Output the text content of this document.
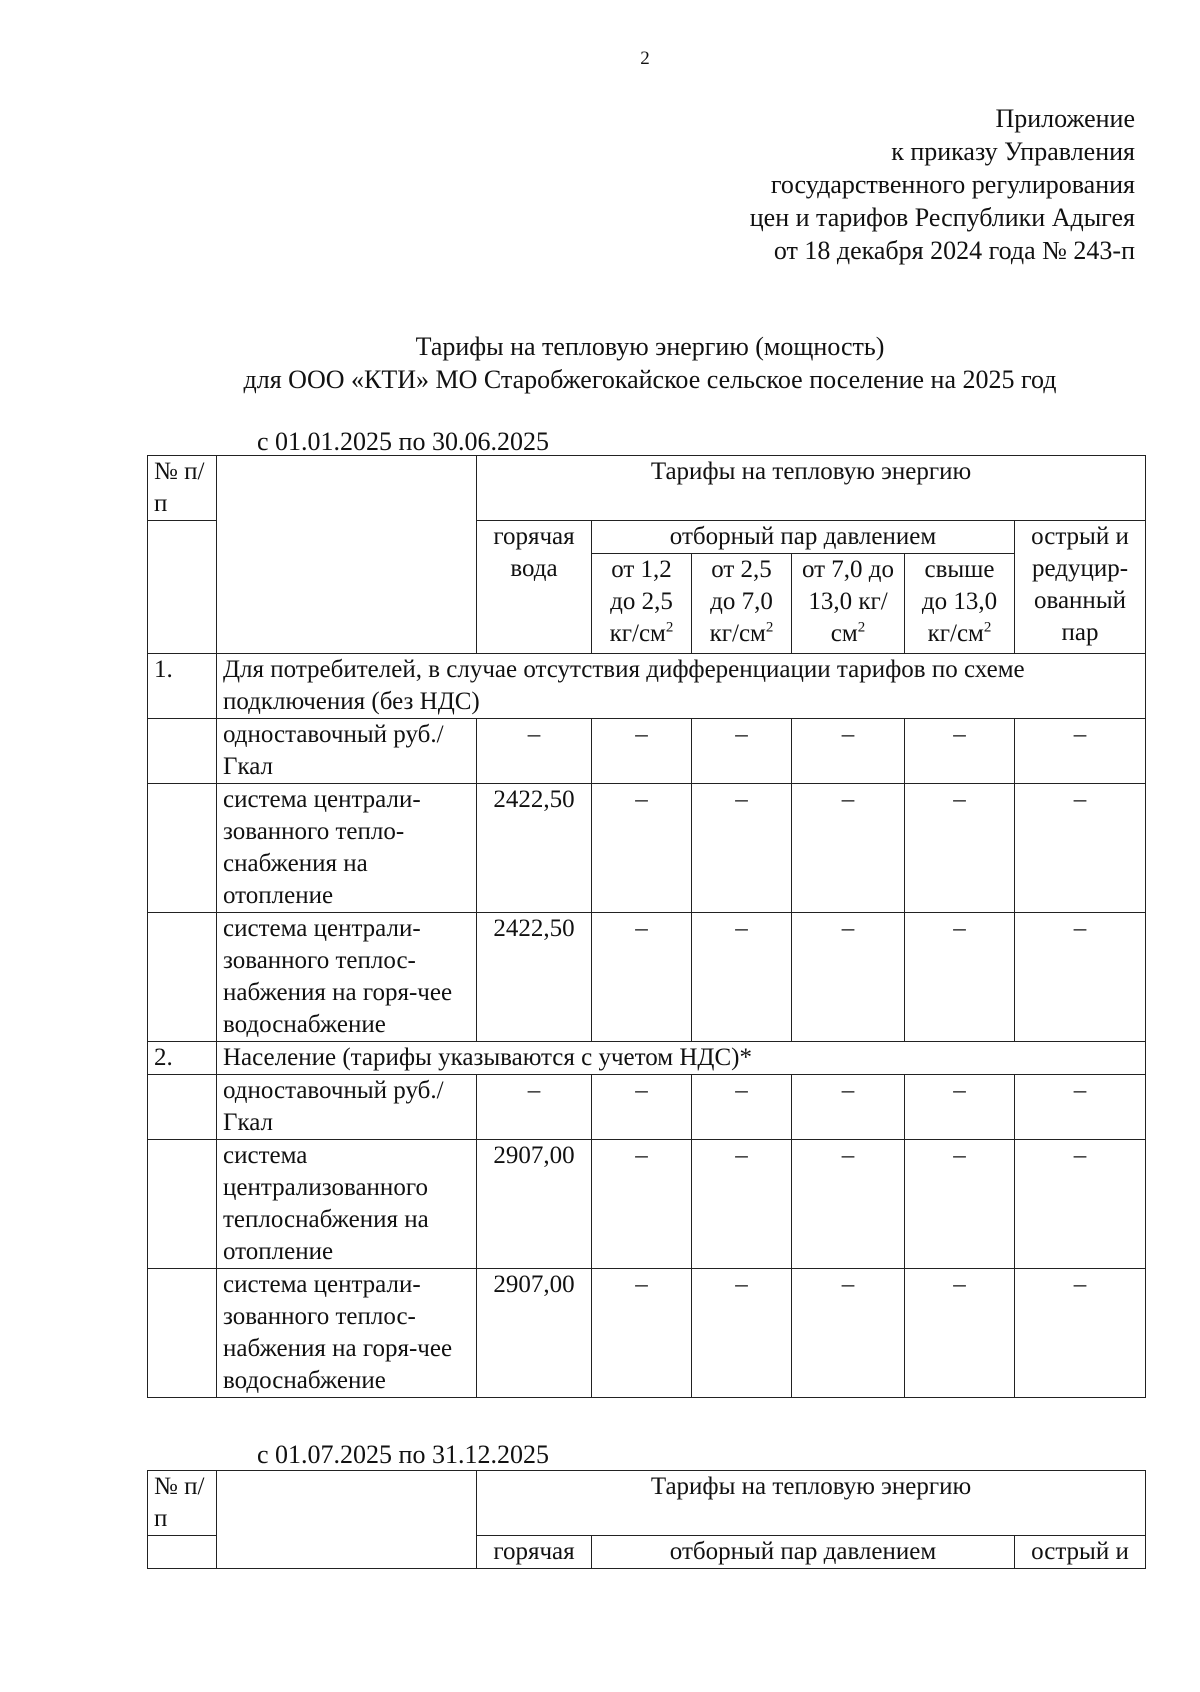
2
Приложение
к приказу Управления
государственного регулирования
цен и тарифов Республики Адыгея
от 18 декабря 2024 года № 243-п
Тарифы на тепловую энергию (мощность)
для ООО «КТИ» МО Старобжегокайское сельское поселение на 2025 год
с 01.01.2025 по 30.06.2025
№ п/п		Тарифы на тепловую энергию					
		горячая вода	отборный пар давлением				острый и редуцир-ованный пар
			от 1,2 до 2,5 $кг/см^2$	от 2,5 до 7,0 $кг/см^2$	от 7,0 до 13,0 $кг/см^2$	свыше до 13,0 $кг/см^2$
1.	Для потребителей, в случае отсутствия дифференциации тарифов по схеме подключения (без НДС)						
	одноставочный руб./Гкал	–	–	–	–	–	–
	система централи-зованного тепло-снабжения на отопление	2422,50	–	–	–	–	–
	система централи-зованного теплос-набжения на горя-чее водоснабжение	2422,50	–	–	–	–	–
2.	Население (тарифы указываются с учетом НДС)*						
	одноставочный руб./Гкал	–	–	–	–	–	–
	система централизованного теплоснабжения на отопление	2907,00	–	–	–	–	–
	система централи-зованного теплос-набжения на горя-чее водоснабжение	2907,00	–	–	–	–	–
с 01.07.2025 по 31.12.2025
№ п/п		Тарифы на тепловую энергию		
		горячая	отборный пар давлением	острый и
